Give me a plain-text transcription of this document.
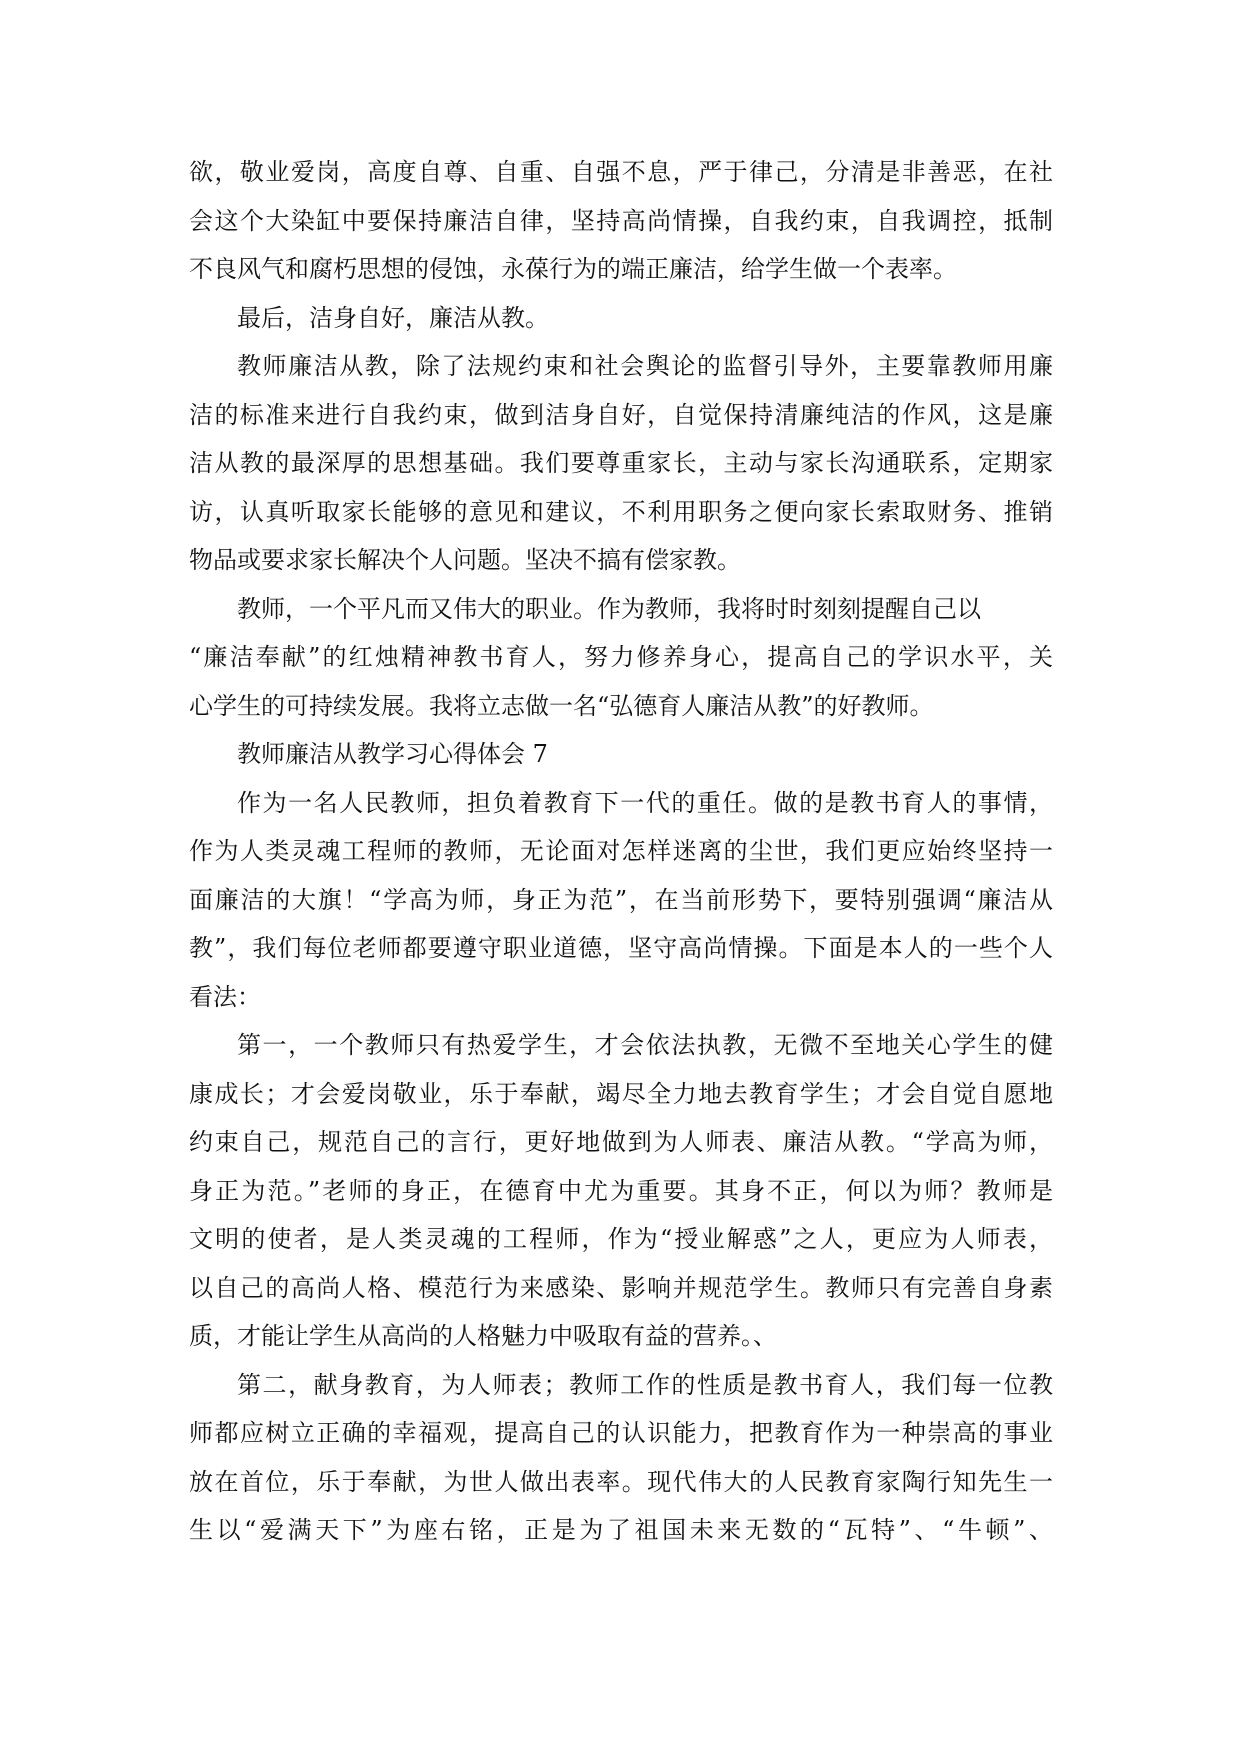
欲，敬业爱岗，高度自尊、自重、自强不息，严于律己，分清是非善恶，在社
会这个大染缸中要保持廉洁自律，坚持高尚情操，自我约束，自我调控，抵制
不良风气和腐朽思想的侵蚀，永葆行为的端正廉洁，给学生做一个表率。
最后，洁身自好，廉洁从教。
教师廉洁从教，除了法规约束和社会舆论的监督引导外，主要靠教师用廉
洁的标准来进行自我约束，做到洁身自好，自觉保持清廉纯洁的作风，这是廉
洁从教的最深厚的思想基础。我们要尊重家长，主动与家长沟通联系，定期家
访，认真听取家长能够的意见和建议，不利用职务之便向家长索取财务、推销
物品或要求家长解决个人问题。坚决不搞有偿家教。
教师，一个平凡而又伟大的职业。作为教师，我将时时刻刻提醒自己以
“廉洁奉献”的红烛精神教书育人，努力修养身心，提高自己的学识水平，关
心学生的可持续发展。我将立志做一名“弘德育人廉洁从教”的好教师。
教师廉洁从教学习心得体会 7
作为一名人民教师，担负着教育下一代的重任。做的是教书育人的事情，
作为人类灵魂工程师的教师，无论面对怎样迷离的尘世，我们更应始终坚持一
面廉洁的大旗！“学高为师，身正为范”，在当前形势下，要特别强调“廉洁从
教”，我们每位老师都要遵守职业道德，坚守高尚情操。下面是本人的一些个人
看法：
第一，一个教师只有热爱学生，才会依法执教，无微不至地关心学生的健
康成长；才会爱岗敬业，乐于奉献，竭尽全力地去教育学生；才会自觉自愿地
约束自己，规范自己的言行，更好地做到为人师表、廉洁从教。“学高为师，
身正为范。”老师的身正，在德育中尤为重要。其身不正，何以为师？教师是
文明的使者，是人类灵魂的工程师，作为“授业解惑”之人，更应为人师表，
以自己的高尚人格、模范行为来感染、影响并规范学生。教师只有完善自身素
质，才能让学生从高尚的人格魅力中吸取有益的营养。、
第二，献身教育，为人师表；教师工作的性质是教书育人，我们每一位教
师都应树立正确的幸福观，提高自己的认识能力，把教育作为一种崇高的事业
放在首位，乐于奉献，为世人做出表率。现代伟大的人民教育家陶行知先生一
生以“爱满天下”为座右铭，正是为了祖国未来无数的“瓦特”、“牛顿”、
